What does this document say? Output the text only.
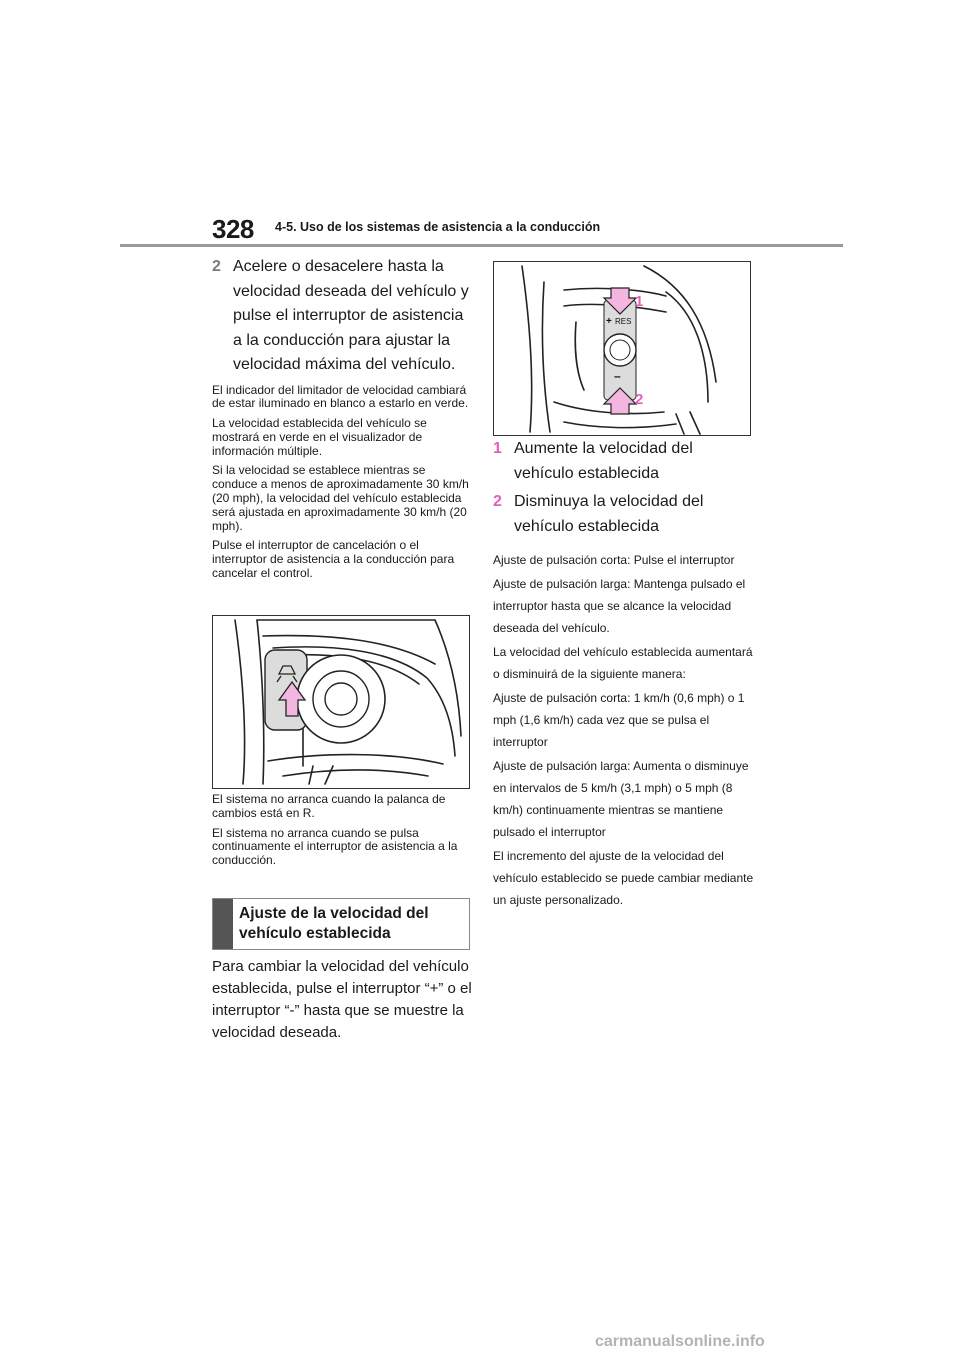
328 4-5. Uso de los sistemas de asistencia a la conducción
2 Acelere o desacelere hasta la velocidad deseada del vehículo y pulse el interruptor de asistencia a la conducción para ajustar la velocidad máxima del vehículo.

El indicador del limitador de velocidad cambiará de estar iluminado en blanco a estarlo en verde.

La velocidad establecida del vehículo se mostrará en verde en el visualizador de información múltiple.

Si la velocidad se establece mientras se conduce a menos de aproximadamente 30 km/h (20 mph), la velocidad del vehículo establecida será ajustada en aproximadamente 30 km/h (20 mph).

Pulse el interruptor de cancelación o el interruptor de asistencia a la conducción para cancelar el control.

El sistema no arranca cuando la palanca de cambios está en R.

El sistema no arranca cuando se pulsa continuamente el interruptor de asistencia a la conducción.

Ajuste de la velocidad del vehículo establecida
Para cambiar la velocidad del vehículo establecida, pulse el interruptor “+” o el interruptor “-” hasta que se muestre la velocidad deseada.
+ RES
–
1
2
1 Aumente la velocidad del vehículo establecida
2 Disminuya la velocidad del vehículo establecida

Ajuste de pulsación corta: Pulse el interruptor

Ajuste de pulsación larga: Mantenga pulsado el interruptor hasta que se alcance la velocidad deseada del vehículo.

La velocidad del vehículo establecida aumentará o disminuirá de la siguiente manera:

Ajuste de pulsación corta: 1 km/h (0,6 mph) o 1 mph (1,6 km/h) cada vez que se pulsa el interruptor

Ajuste de pulsación larga: Aumenta o disminuye en intervalos de 5 km/h (3,1 mph) o 5 mph (8 km/h) continuamente mientras se mantiene pulsado el interruptor

El incremento del ajuste de la velocidad del vehículo establecido se puede cambiar mediante un ajuste personalizado.

carmanualsonline.info
